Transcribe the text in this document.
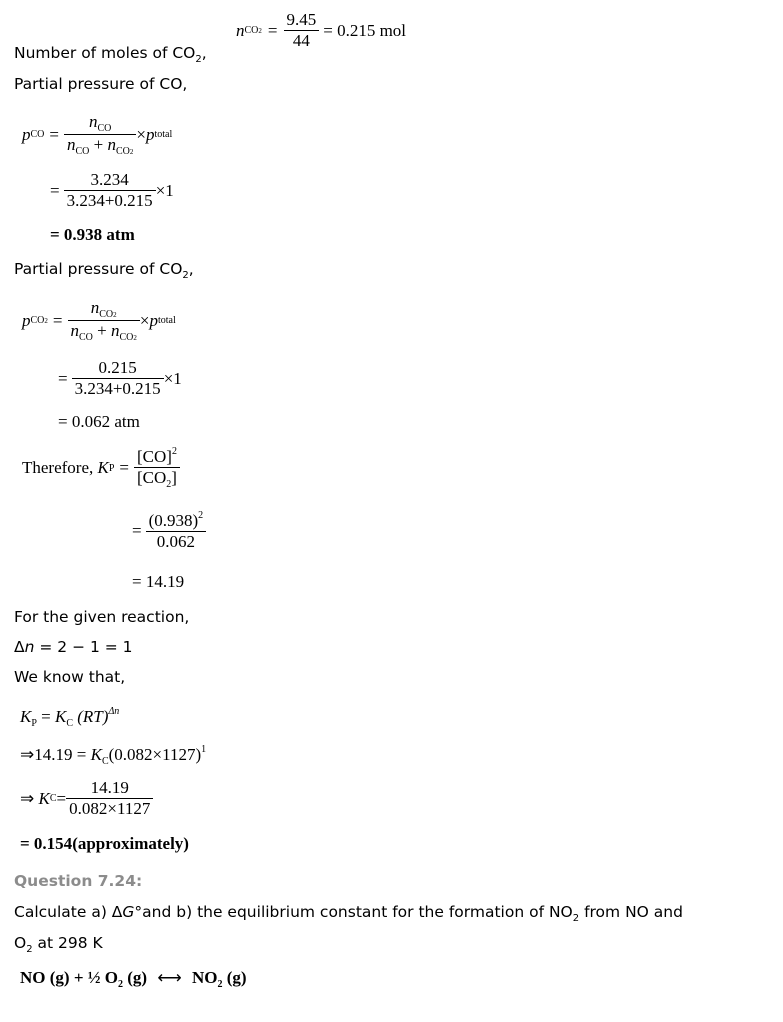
Number of moles of $CO_2$,
n CO $2 = \frac{9.45}{44} = 0.215$ mol
Partial pressure of CO,
p CO = $\frac{n_{CO}}{n_{CO} + n_{CO2}} \times p$ total
= $\frac{3.234}{3.234+0.215} \times 1$
= 0.938 atm
Partial pressure of $CO_2$,
p CO $2 = \frac{n_{CO2}}{n_{CO} + n_{CO2}} \times p$ total
= $\frac{0.215}{3.234+0.215} \times 1$
= 0.062 atm
Therefore,
K $P = \frac{[CO]^2}{[CO_2]}$
= $\frac{(0.938)^2}{0.062}$
= 14.19
For the given reaction,
Δn = 2 − 1 = 1
We know that,
$K_P = K_C$ (RT)$^{\Delta n}$
⇒14.19 = $K_C(0.082\times 1127)^1$
⇒
K $C = \frac{14.19}{0.082\times 1127}$
= 0.154(approximately)
Question 7.24:
Calculate a) ΔG°and b) the equilibrium constant for the formation of $NO_2$ from NO and
$O_2$ at 298 K
NO (g) + ½ $O_2$ (g) ⟷ $NO_2$ (g)
